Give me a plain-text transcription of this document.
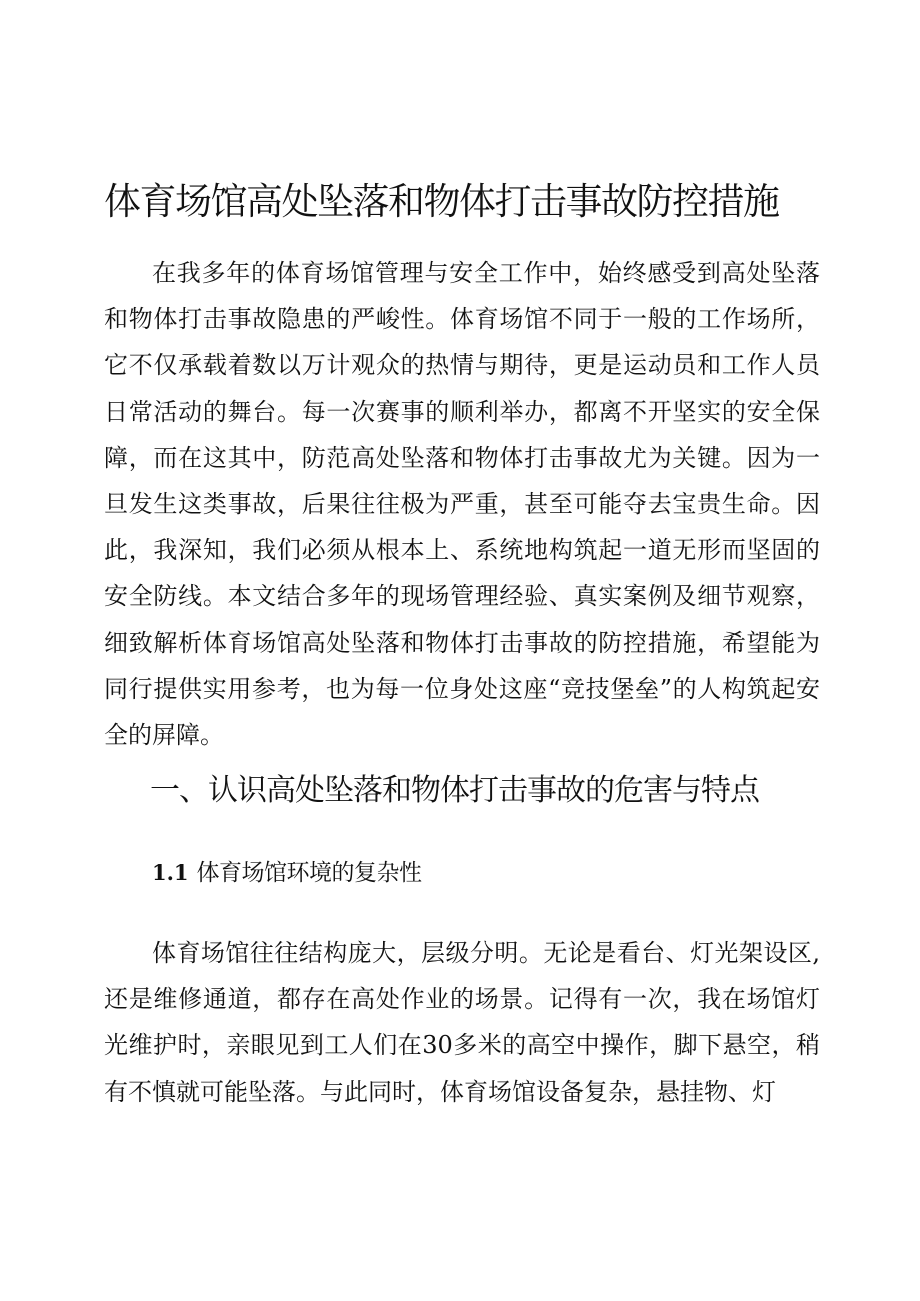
体育场馆高处坠落和物体打击事故防控措施

在我多年的体育场馆管理与安全工作中，始终感受到高处坠落和物体打击事故隐患的严峻性。体育场馆不同于一般的工作场所，它不仅承载着数以万计观众的热情与期待，更是运动员和工作人员日常活动的舞台。每一次赛事的顺利举办，都离不开坚实的安全保障，而在这其中，防范高处坠落和物体打击事故尤为关键。因为一旦发生这类事故，后果往往极为严重，甚至可能夺去宝贵生命。因此，我深知，我们必须从根本上、系统地构筑起一道无形而坚固的安全防线。本文结合多年的现场管理经验、真实案例及细节观察，细致解析体育场馆高处坠落和物体打击事故的防控措施，希望能为同行提供实用参考，也为每一位身处这座“竞技堡垒”的人构筑起安全的屏障。

一、认识高处坠落和物体打击事故的危害与特点
1.1 体育场馆环境的复杂性

体育场馆往往结构庞大，层级分明。无论是看台、灯光架设区,还是维修通道，都存在高处作业的场景。记得有一次，我在场馆灯光维护时，亲眼见到工人们在30多米的高空中操作，脚下悬空，稍有不慎就可能坠落。与此同时，体育场馆设备复杂，悬挂物、灯
